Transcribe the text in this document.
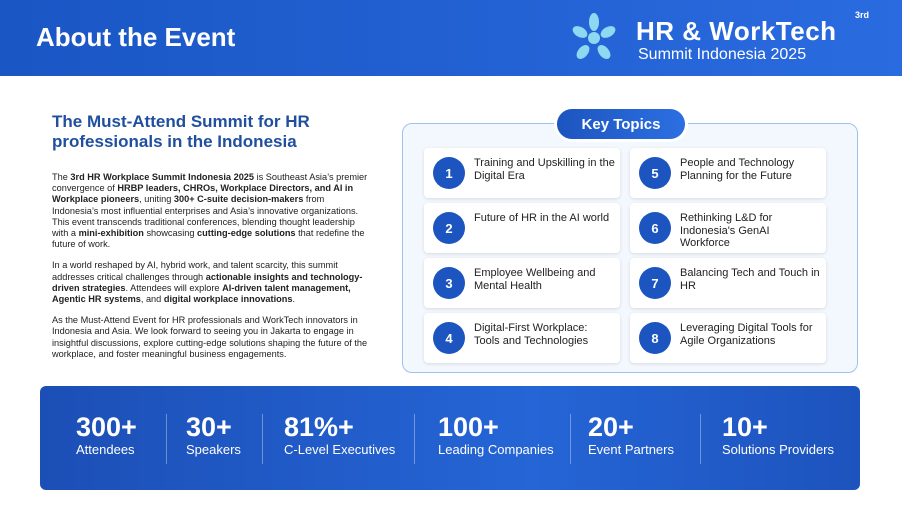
About the Event	HR & WorkTech
3rd
Summit Indonesia 2025
The Must-Attend Summit for HR professionals in the Indonesia

The 3rd HR Workplace Summit Indonesia 2025 is Southeast Asia’s premier convergence of HRBP leaders, CHROs, Workplace Directors, and AI in Workplace pioneers, uniting 300+ C-suite decision-makers from Indonesia’s most influential enterprises and Asia’s innovative organizations. This event transcends traditional conferences, blending thought leadership with a mini-exhibition showcasing cutting-edge solutions that redefine the future of work.

In a world reshaped by AI, hybrid work, and talent scarcity, this summit addresses critical challenges through actionable insights and technology-driven strategies. Attendees will explore AI-driven talent management, Agentic HR systems, and digital workplace innovations.

As the Must-Attend Event for HR professionals and WorkTech innovators in Indonesia and Asia. We look forward to seeing you in Jakarta to engage in insightful discussions, explore cutting-edge solutions shaping the future of the workplace, and foster meaningful business engagements.

Key Topics
1
Training and Upskilling in the Digital Era
2
Future of HR in the AI world
3
Employee Wellbeing and Mental Health
4
Digital-First Workplace: Tools and Technologies
5
People and Technology Planning for the Future
6
Rethinking L&D for Indonesia's GenAI Workforce
7
Balancing Tech and Touch in HR
8
Leveraging Digital Tools for Agile Organizations
300+
Attendees
30+
Speakers
81%+
C-Level Executives
100+
Leading Companies
20+
Event Partners
10+
Solutions Providers
